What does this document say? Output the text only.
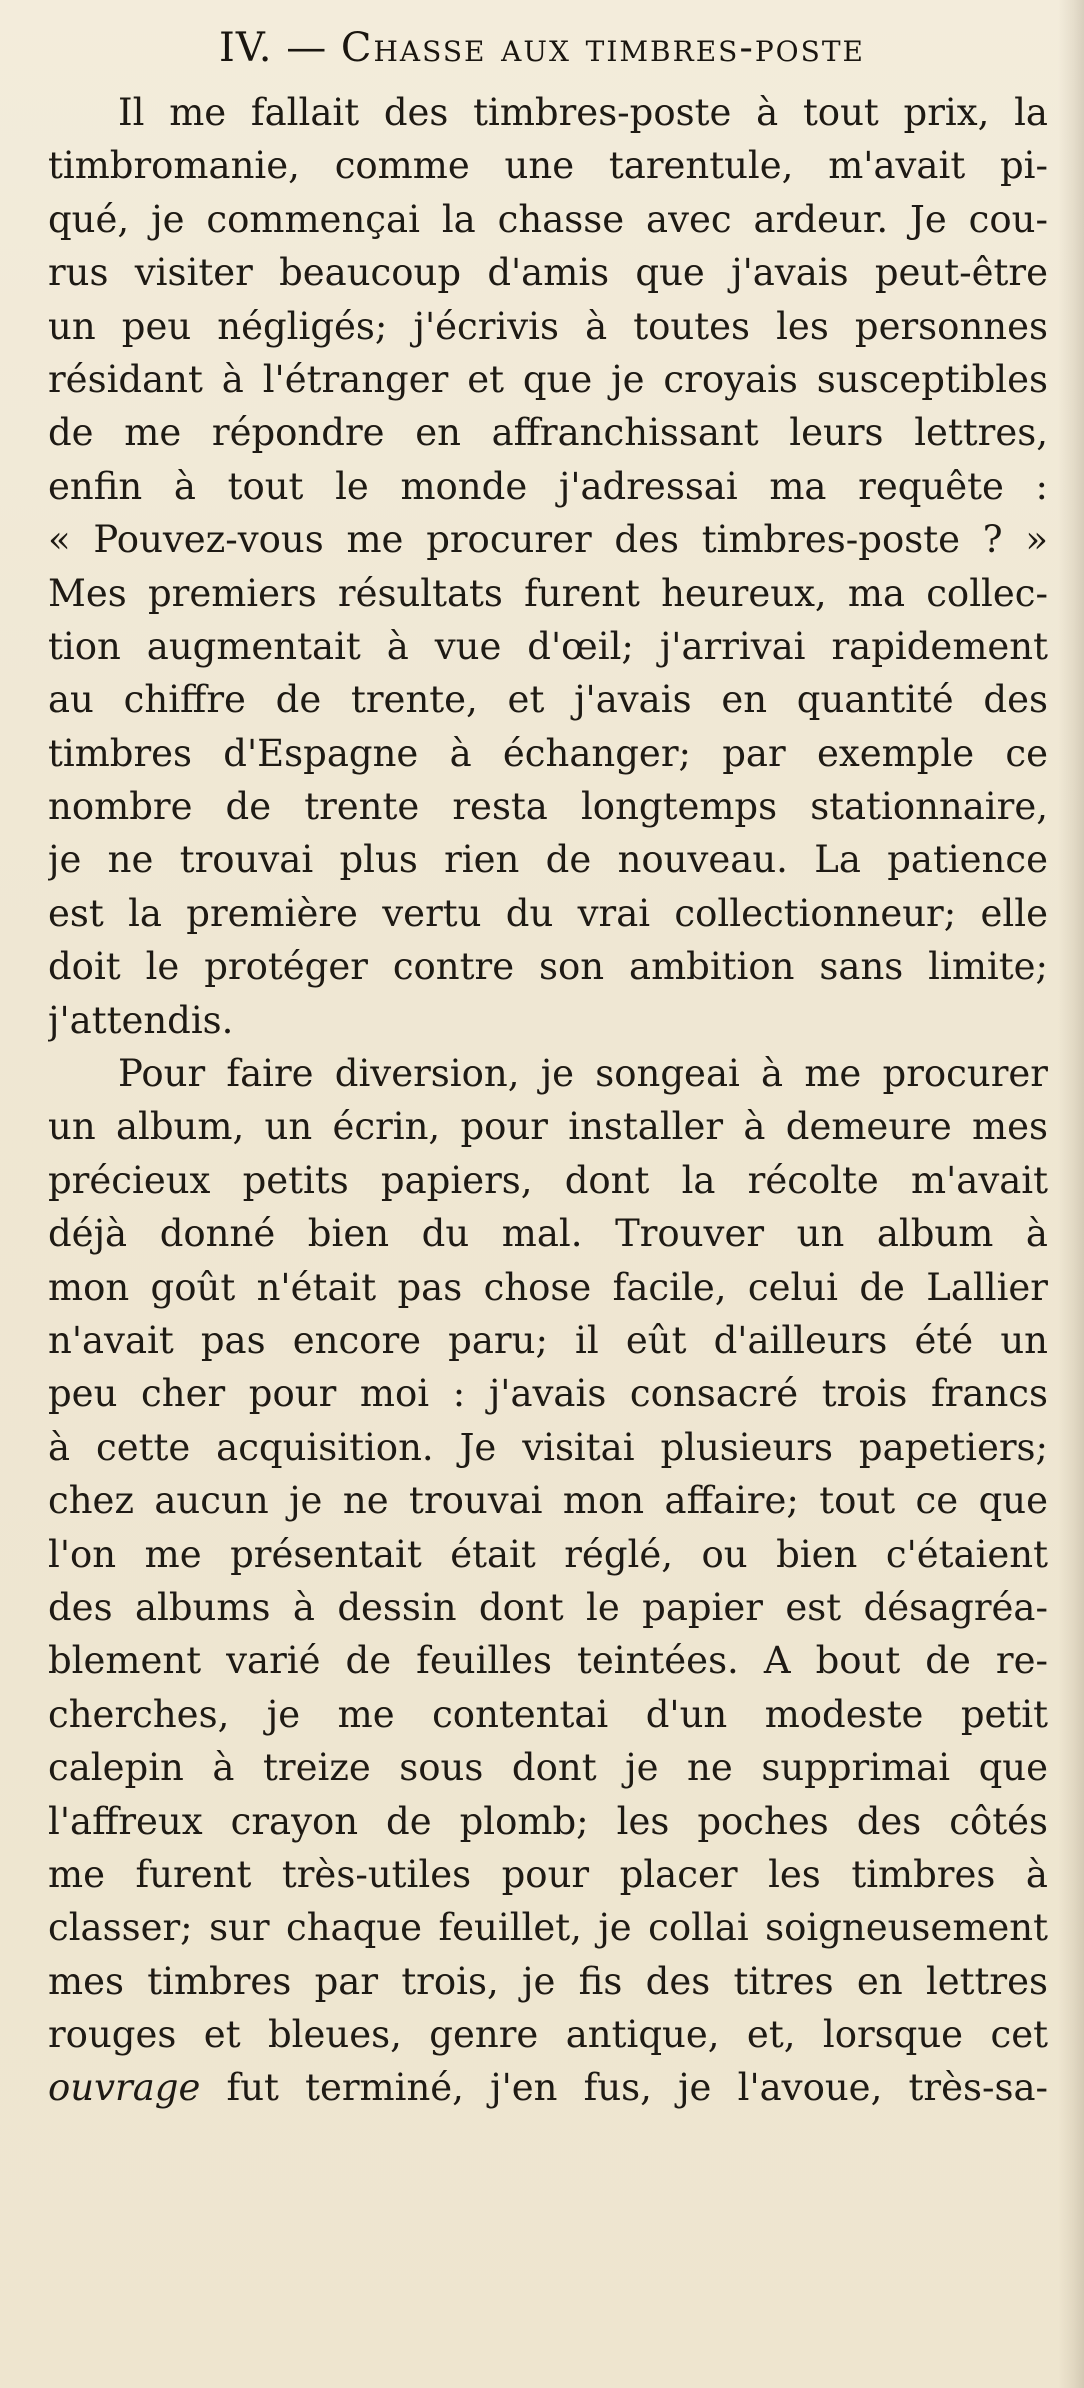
IV. — Chasse aux timbres-poste
Il me fallait des timbres-poste à tout prix, la
timbromanie, comme une tarentule, m'avait pi-
qué, je commençai la chasse avec ardeur. Je cou-
rus visiter beaucoup d'amis que j'avais peut-être
un peu négligés; j'écrivis à toutes les personnes
résidant à l'étranger et que je croyais susceptibles
de me répondre en affranchissant leurs lettres,
enfin à tout le monde j'adressai ma requête :
« Pouvez-vous me procurer des timbres-poste ? »
Mes premiers résultats furent heureux, ma collec-
tion augmentait à vue d'œil; j'arrivai rapidement
au chiffre de trente, et j'avais en quantité des
timbres d'Espagne à échanger; par exemple ce
nombre de trente resta longtemps stationnaire,
je ne trouvai plus rien de nouveau. La patience
est la première vertu du vrai collectionneur; elle
doit le protéger contre son ambition sans limite;
j'attendis.
Pour faire diversion, je songeai à me procurer
un album, un écrin, pour installer à demeure mes
précieux petits papiers, dont la récolte m'avait
déjà donné bien du mal. Trouver un album à
mon goût n'était pas chose facile, celui de Lallier
n'avait pas encore paru; il eût d'ailleurs été un
peu cher pour moi : j'avais consacré trois francs
à cette acquisition. Je visitai plusieurs papetiers;
chez aucun je ne trouvai mon affaire; tout ce que
l'on me présentait était réglé, ou bien c'étaient
des albums à dessin dont le papier est désagréa-
blement varié de feuilles teintées. A bout de re-
cherches, je me contentai d'un modeste petit
calepin à treize sous dont je ne supprimai que
l'affreux crayon de plomb; les poches des côtés
me furent très-utiles pour placer les timbres à
classer; sur chaque feuillet, je collai soigneusement
mes timbres par trois, je fis des titres en lettres
rouges et bleues, genre antique, et, lorsque cet
ouvrage fut terminé, j'en fus, je l'avoue, très-sa-
